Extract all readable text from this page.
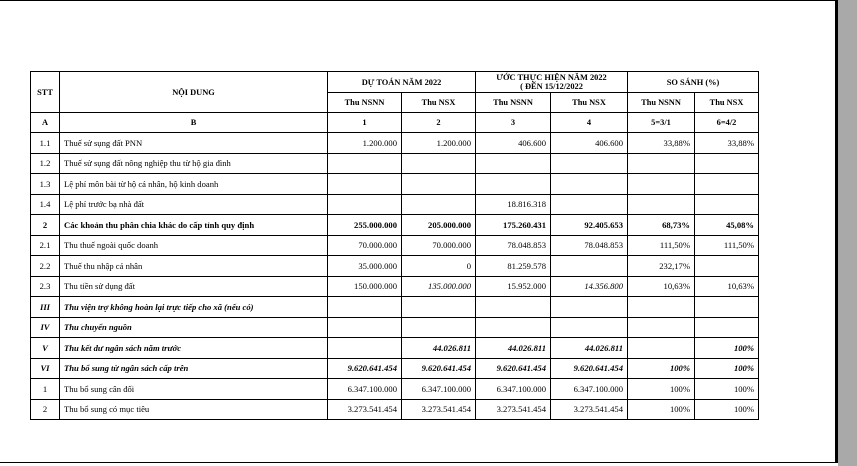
STT	NỘI DUNG	DỰ TOÁN NĂM 2022		ƯỚC THỰC HIỆN NĂM 2022
( ĐẾN 15/12/2022		SO SÁNH (%)	
		Thu NSNN	Thu NSX	Thu NSNN	Thu NSX	Thu NSNN	Thu NSX
A	B	1	2	3	4	5=3/1	6=4/2
1.1	Thuế sử sụng đất PNN	1.200.000	1.200.000	406.600	406.600	33,88%	33,88%
1.2	Thuế sử sụng đất nông nghiệp thu từ hộ gia đình						
1.3	Lệ phí môn bài từ hộ cá nhân, hộ kinh doanh						
1.4	Lệ phí trước bạ nhà đất			18.816.318			
2	Các khoản thu phân chia khác do cấp tỉnh quy định	255.000.000	205.000.000	175.260.431	92.405.653	68,73%	45,08%
2.1	Thu thuế ngoài quốc doanh	70.000.000	70.000.000	78.048.853	78.048.853	111,50%	111,50%
2.2	Thuế thu nhập cá nhân	35.000.000	0	81.259.578		232,17%	
2.3	Thu tiền sử dụng đất	150.000.000	135.000.000	15.952.000	14.356.800	10,63%	10,63%
III	Thu viện trợ không hoàn lại trực tiếp cho xã (nếu có)						
IV	Thu chuyển nguồn						
V	Thu kết dư ngân sách năm trước		44.026.811	44.026.811	44.026.811		100%
VI	Thu bổ sung từ ngân sách cấp trên	9.620.641.454	9.620.641.454	9.620.641.454	9.620.641.454	100%	100%
1	Thu bổ sung cân đối	6.347.100.000	6.347.100.000	6.347.100.000	6.347.100.000	100%	100%
2	Thu bổ sung có mục tiêu	3.273.541.454	3.273.541.454	3.273.541.454	3.273.541.454	100%	100%
